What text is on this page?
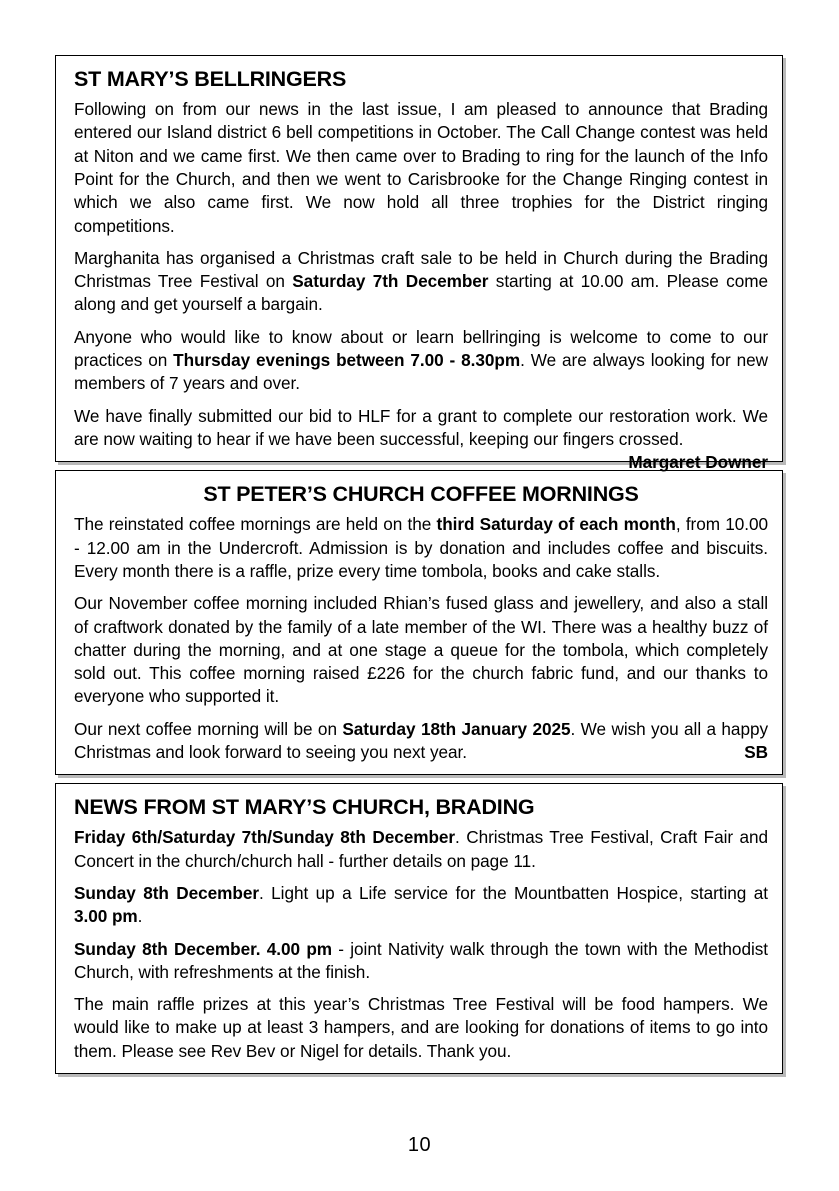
ST MARY’S BELLRINGERS

Following on from our news in the last issue, I am pleased to announce that Brading entered our Island district 6 bell competitions in October. The Call Change contest was held at Niton and we came first. We then came over to Brading to ring for the launch of the Info Point for the Church, and then we went to Carisbrooke for the Change Ringing contest in which we also came first. We now hold all three trophies for the District ringing competitions.

Marghanita has organised a Christmas craft sale to be held in Church during the Brading Christmas Tree Festival on Saturday 7th December starting at 10.00 am. Please come along and get yourself a bargain.

Anyone who would like to know about or learn bellringing is welcome to come to our practices on Thursday evenings between 7.00 - 8.30pm. We are always looking for new members of 7 years and over.

We have finally submitted our bid to HLF for a grant to complete our restoration work. We are now waiting to hear if we have been successful, keeping our fingers crossed.
Margaret Downer

ST PETER’S CHURCH COFFEE MORNINGS

The reinstated coffee mornings are held on the third Saturday of each month, from 10.00 - 12.00 am in the Undercroft. Admission is by donation and includes coffee and biscuits. Every month there is a raffle, prize every time tombola, books and cake stalls.

Our November coffee morning included Rhian’s fused glass and jewellery, and also a stall of craftwork donated by the family of a late member of the WI. There was a healthy buzz of chatter during the morning, and at one stage a queue for the tombola, which completely sold out. This coffee morning raised £226 for the church fabric fund, and our thanks to everyone who supported it.

Our next coffee morning will be on Saturday 18th January 2025. We wish you all a happy Christmas and look forward to seeing you next year.	SB

NEWS FROM ST MARY’S CHURCH, BRADING

Friday 6th/Saturday 7th/Sunday 8th December. Christmas Tree Festival, Craft Fair and Concert in the church/church hall - further details on page 11.

Sunday 8th December. Light up a Life service for the Mountbatten Hospice, starting at 3.00 pm.

Sunday 8th December. 4.00 pm - joint Nativity walk through the town with the Methodist Church, with refreshments at the finish.

The main raffle prizes at this year’s Christmas Tree Festival will be food hampers. We would like to make up at least 3 hampers, and are looking for donations of items to go into them. Please see Rev Bev or Nigel for details. Thank you.

10
